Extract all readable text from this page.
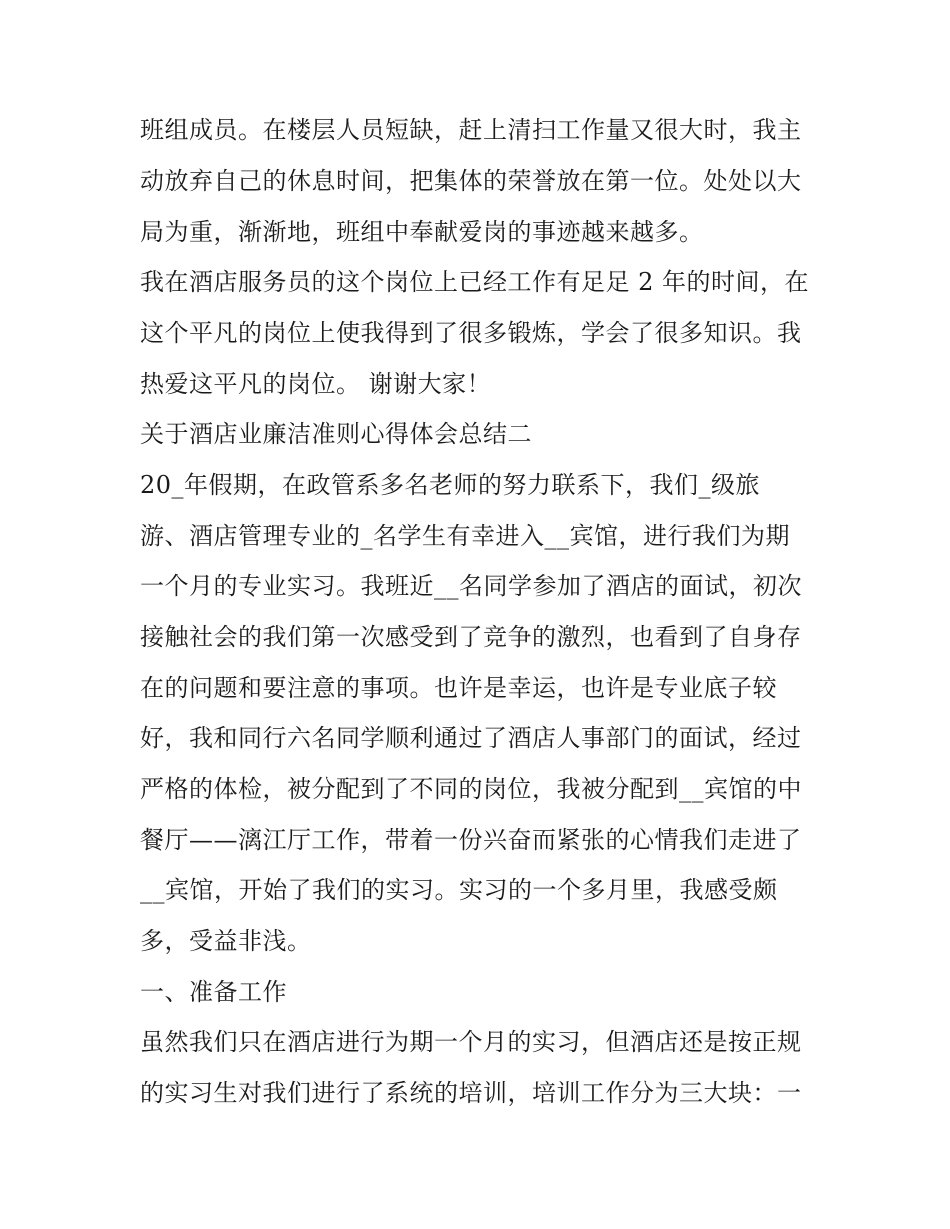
班组成员。在楼层人员短缺，赶上清扫工作量又很大时，我主
动放弃自己的休息时间，把集体的荣誉放在第一位。处处以大
局为重，渐渐地，班组中奉献爱岗的事迹越来越多。
我在酒店服务员的这个岗位上已经工作有足足 2 年的时间，在
这个平凡的岗位上使我得到了很多锻炼，学会了很多知识。我
热爱这平凡的岗位。 谢谢大家！
关于酒店业廉洁准则心得体会总结二
20_年假期，在政管系多名老师的努力联系下，我们_级旅
游、酒店管理专业的_名学生有幸进入__宾馆，进行我们为期
一个月的专业实习。我班近__名同学参加了酒店的面试，初次
接触社会的我们第一次感受到了竞争的激烈，也看到了自身存
在的问题和要注意的事项。也许是幸运，也许是专业底子较
好，我和同行六名同学顺利通过了酒店人事部门的面试，经过
严格的体检，被分配到了不同的岗位，我被分配到__宾馆的中
餐厅——漓江厅工作，带着一份兴奋而紧张的心情我们走进了
__宾馆，开始了我们的实习。实习的一个多月里，我感受颇
多，受益非浅。
一、准备工作
虽然我们只在酒店进行为期一个月的实习，但酒店还是按正规
的实习生对我们进行了系统的培训，培训工作分为三大块：一
